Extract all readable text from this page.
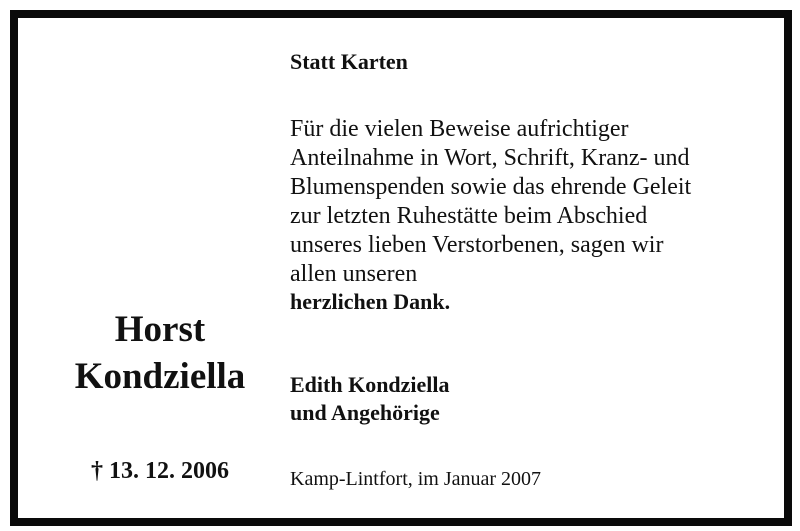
Horst
Kondziella
† 13. 12. 2006
Statt Karten
Für die vielen Beweise aufrichtiger
Anteilnahme in Wort, Schrift, Kranz- und
Blumenspenden sowie das ehrende Geleit
zur letzten Ruhestätte beim Abschied
unseres lieben Verstorbenen, sagen wir
allen unseren
herzlichen Dank.
Edith Kondziella
und Angehörige
Kamp-Lintfort, im Januar 2007
